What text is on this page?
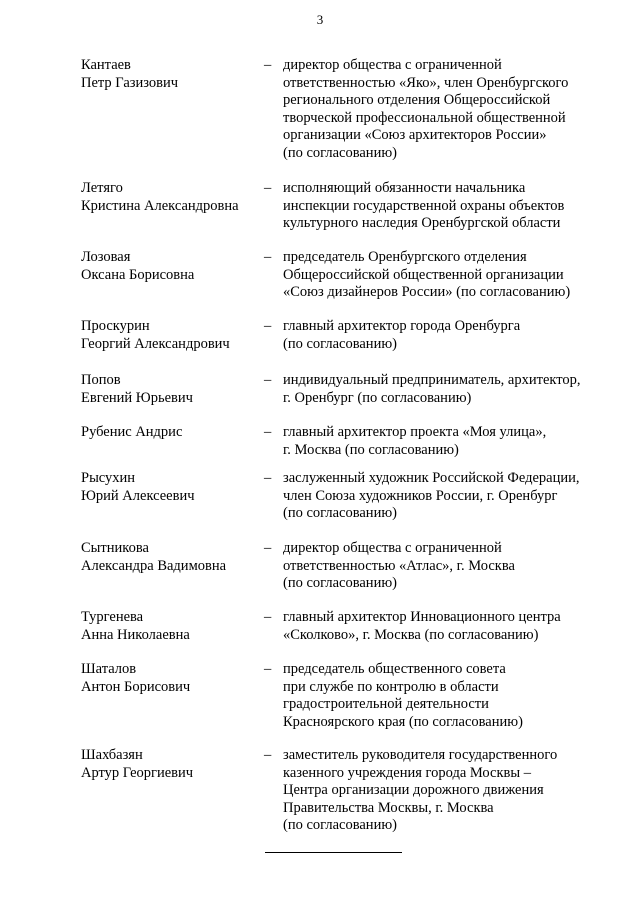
3
Кантаев
Петр Газизович
– директор общества с ограниченной
ответственностью «Яко», член Оренбургского
регионального отделения Общероссийской
творческой профессиональной общественной
организации «Союз архитекторов России»
(по согласованию)
Летяго
Кристина Александровна
– исполняющий обязанности начальника
инспекции государственной охраны объектов
культурного наследия Оренбургской области
Лозовая
Оксана Борисовна
– председатель Оренбургского отделения
Общероссийской общественной организации
«Союз дизайнеров России» (по согласованию)
Проскурин
Георгий Александрович
– главный архитектор города Оренбурга
(по согласованию)
Попов
Евгений Юрьевич
– индивидуальный предприниматель, архитектор,
г. Оренбург (по согласованию)
Рубенис Андрис	– главный архитектор проекта «Моя улица»,
г. Москва (по согласованию)
Рысухин
Юрий Алексеевич
– заслуженный художник Российской Федерации,
член Союза художников России, г. Оренбург
(по согласованию)
Сытникова
Александра Вадимовна
– директор общества с ограниченной
ответственностью «Атлас», г. Москва
(по согласованию)
Тургенева
Анна Николаевна
– главный архитектор Инновационного центра
«Сколково», г. Москва (по согласованию)
Шаталов
Антон Борисович
– председатель общественного совета
при службе по контролю в области
градостроительной деятельности
Красноярского края (по согласованию)
Шахбазян
Артур Георгиевич
– заместитель руководителя государственного
казенного учреждения города Москвы –
Центра организации дорожного движения
Правительства Москвы, г. Москва
(по согласованию)
